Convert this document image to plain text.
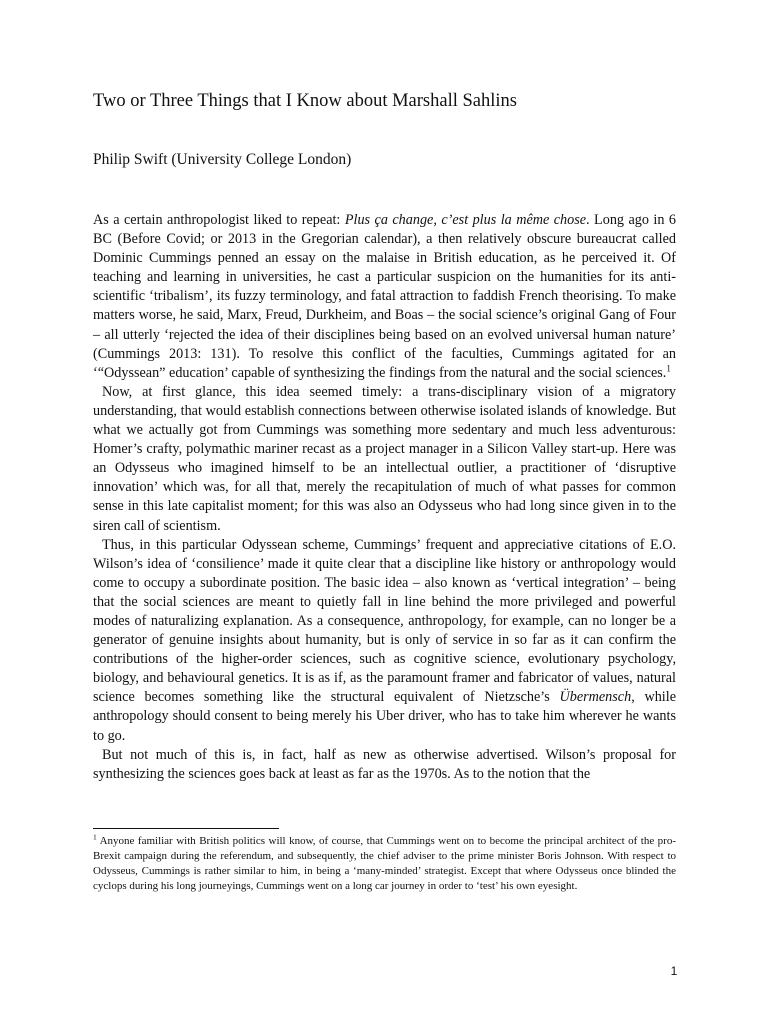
Two or Three Things that I Know about Marshall Sahlins

Philip Swift (University College London)

As a certain anthropologist liked to repeat: Plus ça change, c’est plus la même chose. Long ago in 6 BC (Before Covid; or 2013 in the Gregorian calendar), a then relatively obscure bureaucrat called Dominic Cummings penned an essay on the malaise in British education, as he perceived it. Of teaching and learning in universities, he cast a particular suspicion on the humanities for its anti-scientific ‘tribalism’, its fuzzy terminology, and fatal attraction to faddish French theorising. To make matters worse, he said, Marx, Freud, Durkheim, and Boas – the social science’s original Gang of Four – all utterly ‘rejected the idea of their disciplines being based on an evolved universal human nature’ (Cummings 2013: 131). To resolve this conflict of the faculties, Cummings agitated for an ‘“Odyssean” education’ capable of synthesizing the findings from the natural and the social sciences.$^1$

Now, at first glance, this idea seemed timely: a trans-disciplinary vision of a migratory understanding, that would establish connections between otherwise isolated islands of knowledge. But what we actually got from Cummings was something more sedentary and much less adventurous: Homer’s crafty, polymathic mariner recast as a project manager in a Silicon Valley start-up. Here was an Odysseus who imagined himself to be an intellectual outlier, a practitioner of ‘disruptive innovation’ which was, for all that, merely the recapitulation of much of what passes for common sense in this late capitalist moment; for this was also an Odysseus who had long since given in to the siren call of scientism.

Thus, in this particular Odyssean scheme, Cummings’ frequent and appreciative citations of E.O. Wilson’s idea of ‘consilience’ made it quite clear that a discipline like history or anthropology would come to occupy a subordinate position. The basic idea – also known as ‘vertical integration’ – being that the social sciences are meant to quietly fall in line behind the more privileged and powerful modes of naturalizing explanation. As a consequence, anthropology, for example, can no longer be a generator of genuine insights about humanity, but is only of service in so far as it can confirm the contributions of the higher-order sciences, such as cognitive science, evolutionary psychology, biology, and behavioural genetics. It is as if, as the paramount framer and fabricator of values, natural science becomes something like the structural equivalent of Nietzsche’s Übermensch, while anthropology should consent to being merely his Uber driver, who has to take him wherever he wants to go.

But not much of this is, in fact, half as new as otherwise advertised. Wilson’s proposal for synthesizing the sciences goes back at least as far as the 1970s. As to the notion that the

$^1$ Anyone familiar with British politics will know, of course, that Cummings went on to become the principal architect of the pro-Brexit campaign during the referendum, and subsequently, the chief adviser to the prime minister Boris Johnson. With respect to Odysseus, Cummings is rather similar to him, in being a ‘many-minded’ strategist. Except that where Odysseus once blinded the cyclops during his long journeyings, Cummings went on a long car journey in order to ‘test’ his own eyesight.

1
